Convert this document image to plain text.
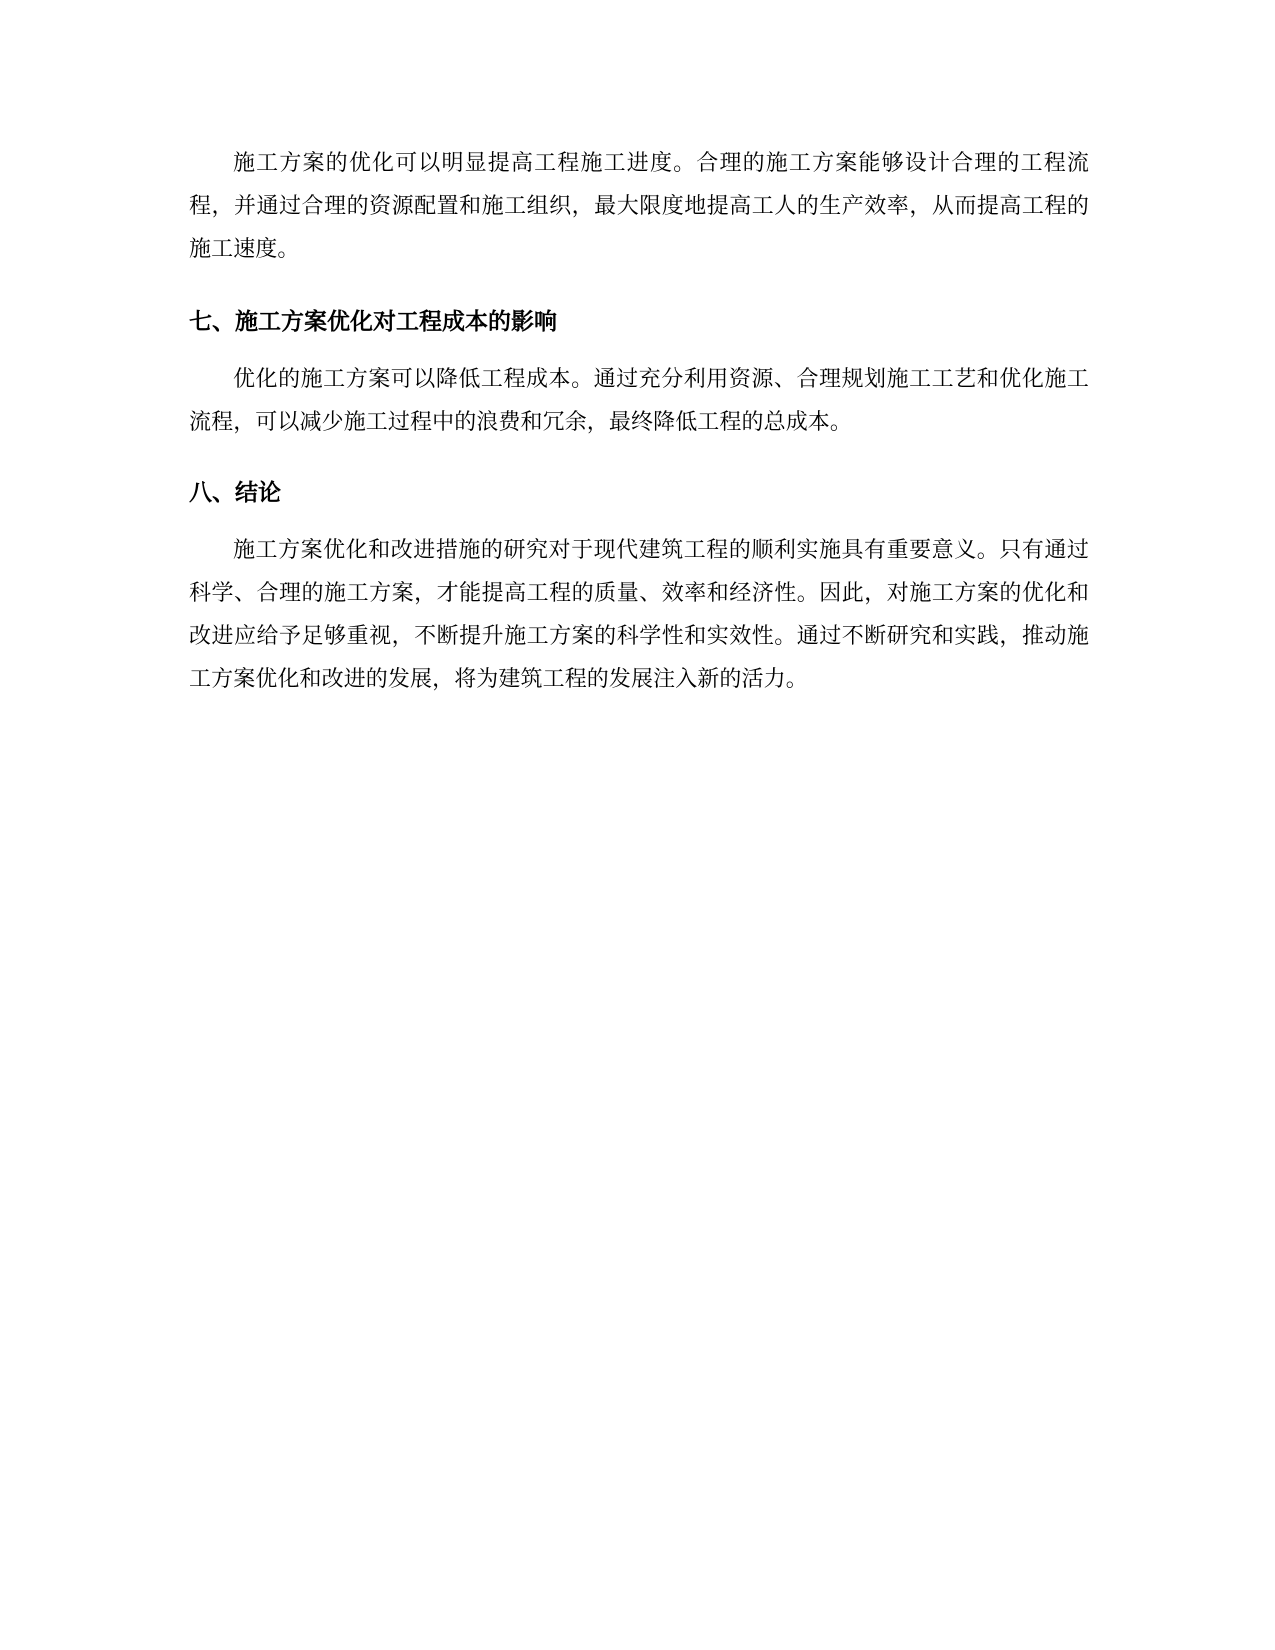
施工方案的优化可以明显提高工程施工进度。合理的施工方案能够设计合理的工程流程，并通过合理的资源配置和施工组织，最大限度地提高工人的生产效率，从而提高工程的施工速度。

七、施工方案优化对工程成本的影响

优化的施工方案可以降低工程成本。通过充分利用资源、合理规划施工工艺和优化施工流程，可以减少施工过程中的浪费和冗余，最终降低工程的总成本。

八、结论

施工方案优化和改进措施的研究对于现代建筑工程的顺利实施具有重要意义。只有通过科学、合理的施工方案，才能提高工程的质量、效率和经济性。因此，对施工方案的优化和改进应给予足够重视，不断提升施工方案的科学性和实效性。通过不断研究和实践，推动施工方案优化和改进的发展，将为建筑工程的发展注入新的活力。
